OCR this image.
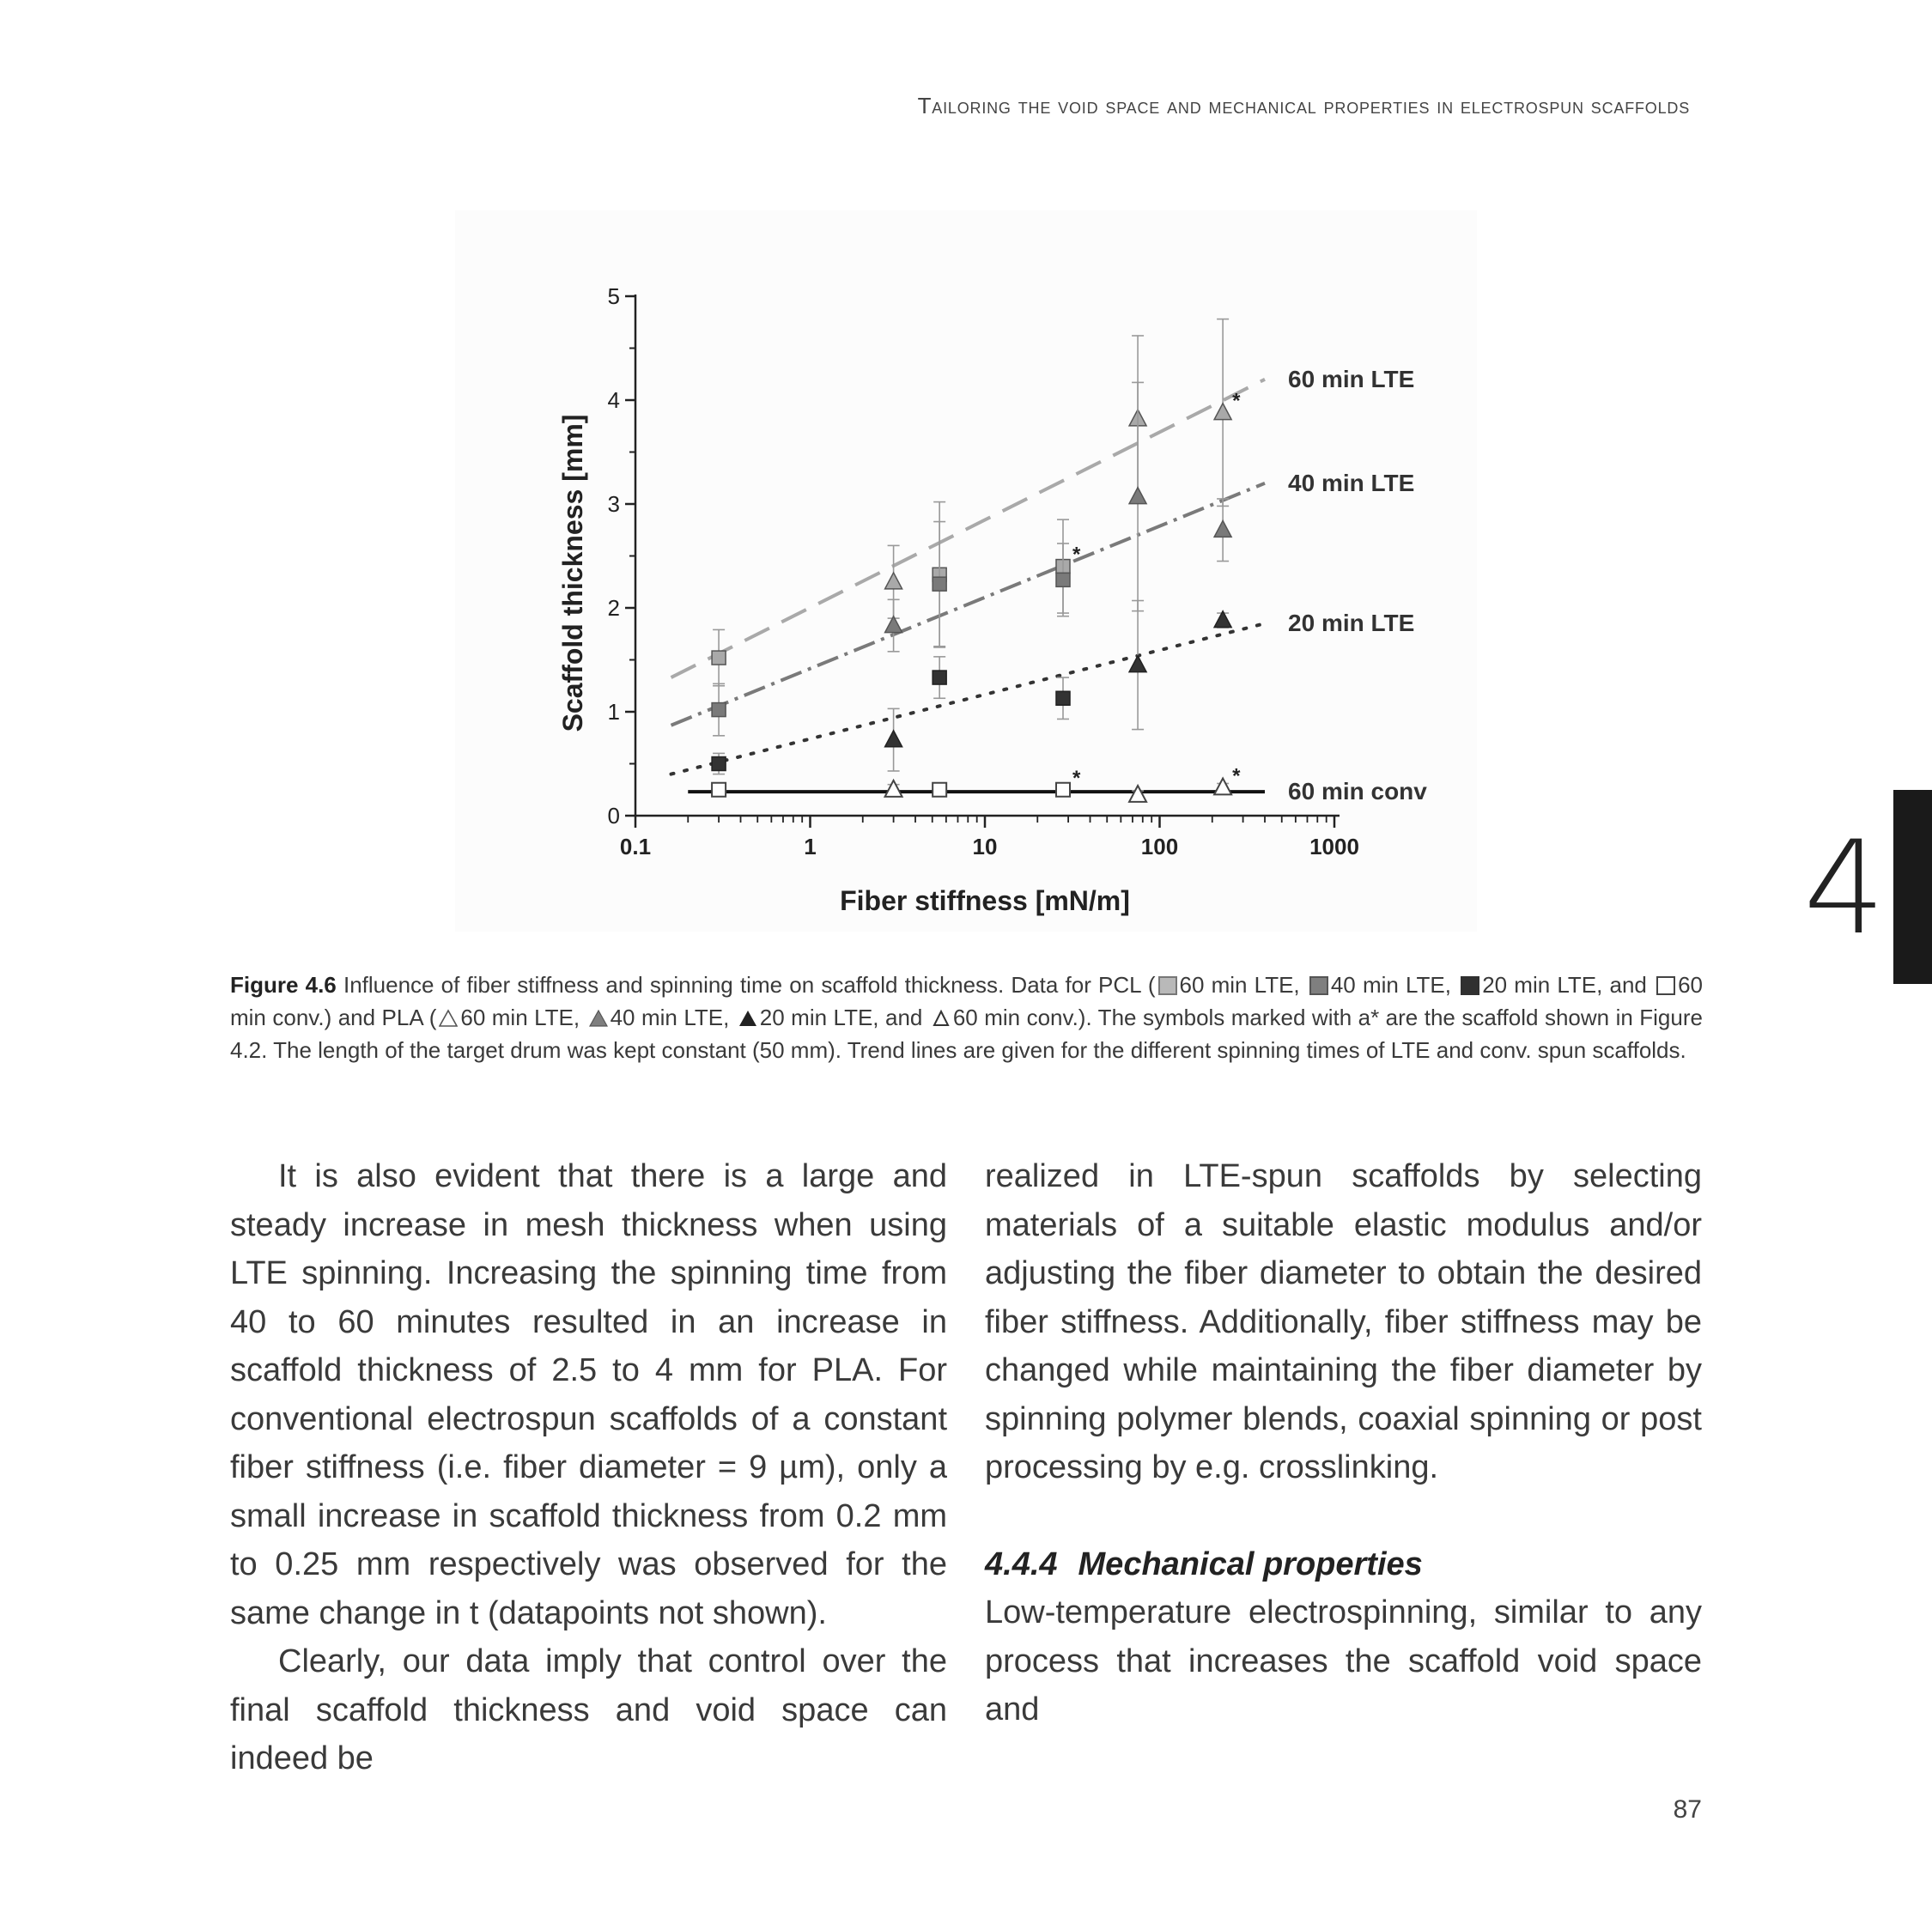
Tailoring the void space and mechanical properties in electrospun scaffolds
4
0
1
2
3
4
5
0.1	1	10	100	1000
Fiber stiffness [mN/m]
Scaffold thickness [mm]
60 min LTE
40 min LTE
20 min LTE
60 min conv
*
*
*
*
Figure 4.6 Influence of fiber stiffness and spinning time on scaffold thickness. Data for PCL ( 60 min LTE, 40 min LTE, 20 min LTE, and 60 min conv.) and PLA ( 60 min LTE, 40 min LTE, 20 min LTE, and 60 min conv.). The symbols marked with a* are the scaffold shown in Figure 4.2. The length of the target drum was kept constant (50 mm). Trend lines are given for the different spinning times of LTE and conv. spun scaffolds.

It is also evident that there is a large and steady increase in mesh thickness when using LTE spinning. Increasing the spinning time from 40 to 60 minutes resulted in an increase in scaffold thickness of 2.5 to 4 mm for PLA. For conventional electrospun scaffolds of a constant fiber stiffness (i.e. fiber diameter = 9 µm), only a small increase in scaffold thickness from 0.2 mm to 0.25 mm respectively was observed for the same change in t (datapoints not shown).

Clearly, our data imply that control over the final scaffold thickness and void space can indeed be

realized in LTE-spun scaffolds by selecting materials of a suitable elastic modulus and/or adjusting the fiber diameter to obtain the desired fiber stiffness. Additionally, fiber stiffness may be changed while maintaining the fiber diameter by spinning polymer blends, coaxial spinning or post processing by e.g. crosslinking.

4.4.4 Mechanical properties

Low-temperature electrospinning, similar to any process that increases the scaffold void space and

87
